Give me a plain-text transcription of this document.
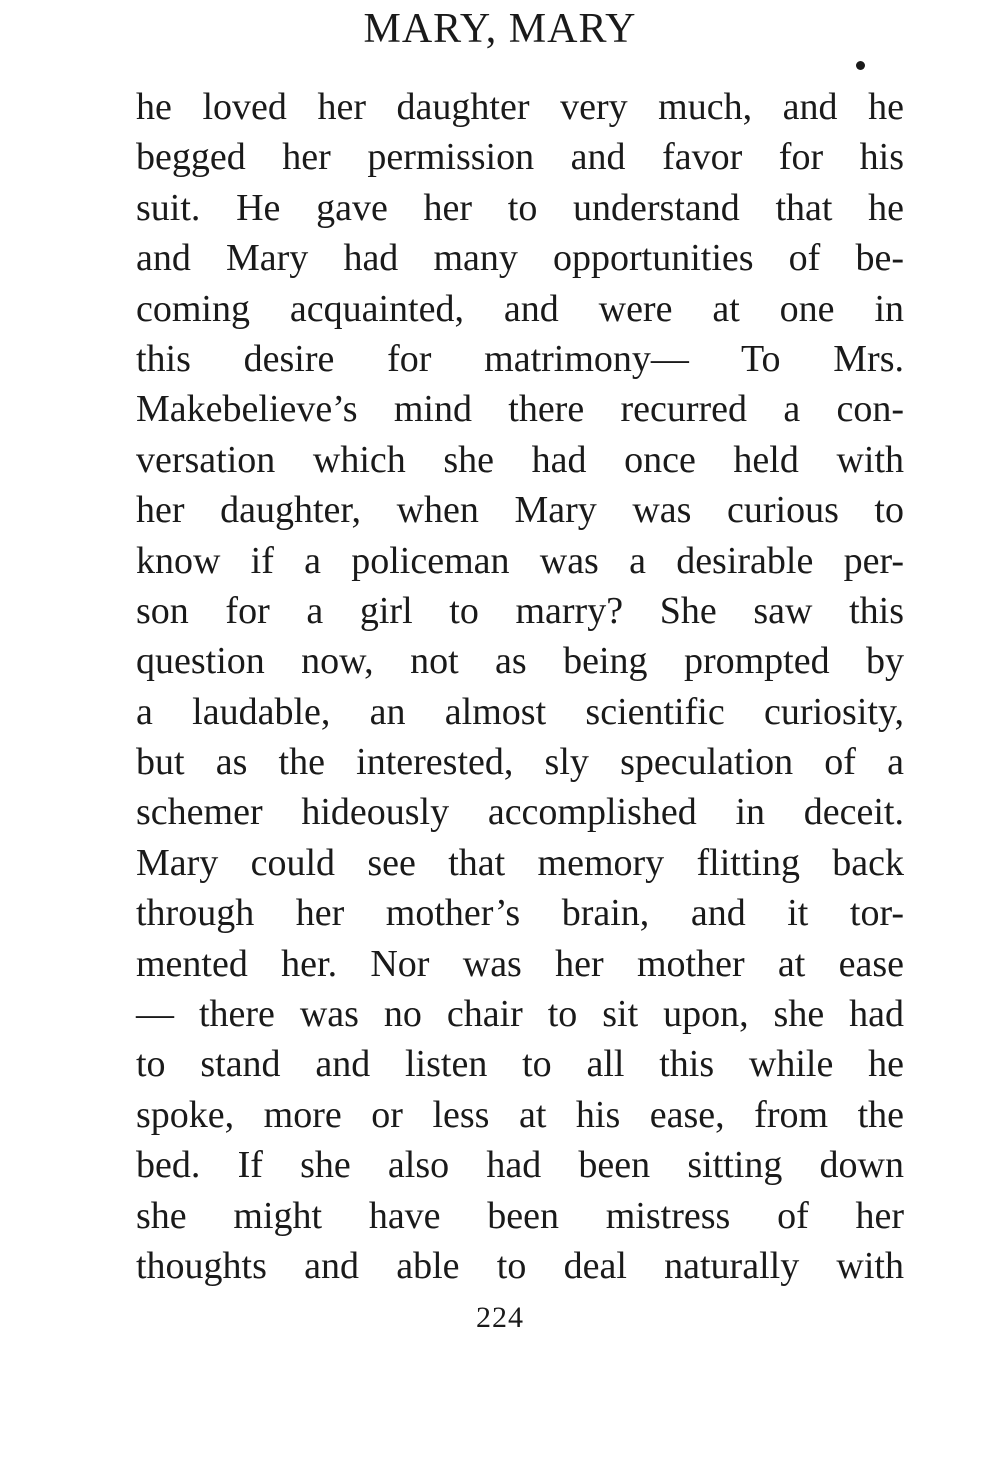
MARY, MARY
he loved her daughter very much, and he
begged her permission and favor for his
suit. He gave her to understand that he
and Mary had many opportunities of be-
coming acquainted, and were at one in
this desire for matrimony— To Mrs.
Makebelieve’s mind there recurred a con-
versation which she had once held with
her daughter, when Mary was curious to
know if a policeman was a desirable per-
son for a girl to marry? She saw this
question now, not as being prompted by
a laudable, an almost scientific curiosity,
but as the interested, sly speculation of a
schemer hideously accomplished in deceit.
Mary could see that memory flitting back
through her mother’s brain, and it tor-
mented her. Nor was her mother at ease
— there was no chair to sit upon, she had
to stand and listen to all this while he
spoke, more or less at his ease, from the
bed. If she also had been sitting down
she might have been mistress of her
thoughts and able to deal naturally with
224
